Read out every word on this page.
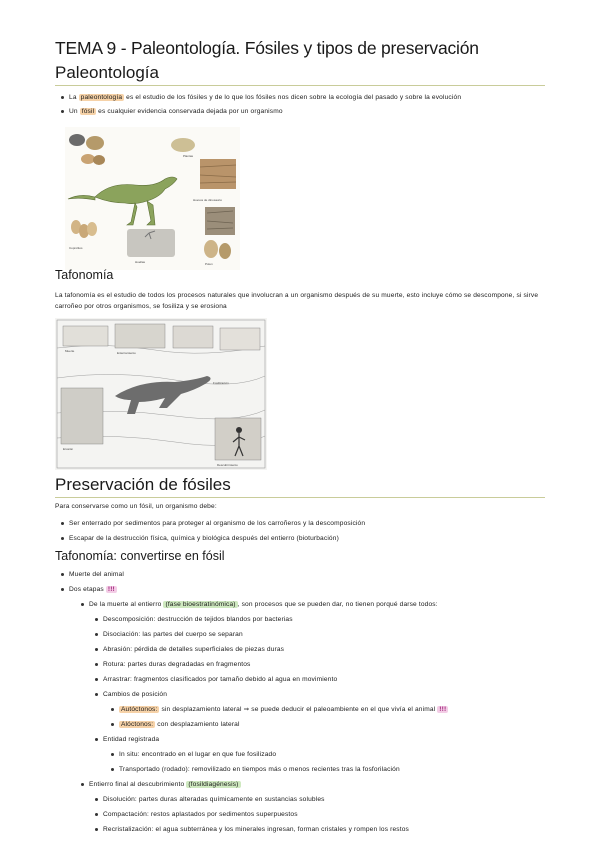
TEMA 9 - Paleontología. Fósiles y tipos de preservación
Paleontología
La paleontología es el estudio de los fósiles y de lo que los fósiles nos dicen sobre la ecología del pasado y sobre la evolución
Un fósil es cualquier evidencia conservada dejada por un organismo
Coprolitos
Huevos de dinosaurio
Huellas
Plantas
Polen
Tafonomía
La tafonomía es el estudio de todos los procesos naturales que involucran a un organismo después de su muerte, esto incluye cómo se descompone, si sirve carroñeo por otros organismos, se fosiliza y se erosiona
Muerte	Enterramiento
Fosilización
Erosión
Descubrimiento
Preservación de fósiles
Para conservarse como un fósil, un organismo debe:
Ser enterrado por sedimentos para proteger al organismo de los carroñeros y la descomposición
Escapar de la destrucción física, química y biológica después del entierro (bioturbación)
Tafonomía: convertirse en fósil
Muerte del animal
Dos etapas !!!
De la muerte al entierro (fase bioestratinómica) , son procesos que se pueden dar, no tienen porqué darse todos:
Descomposición: destrucción de tejidos blandos por bacterias
Disociación: las partes del cuerpo se separan
Abrasión: pérdida de detalles superficiales de piezas duras
Rotura: partes duras degradadas en fragmentos
Arrastrar: fragmentos clasificados por tamaño debido al agua en movimiento
Cambios de posición
Autóctonos: sin desplazamiento lateral ⇒ se puede deducir el paleoambiente en el que vivía el animal !!!
Alóctonos: con desplazamiento lateral
Entidad registrada
In situ: encontrado en el lugar en que fue fosilizado
Transportado (rodado): removilizado en tiempos más o menos recientes tras la fosforilación
Entierro final al descubrimiento (fosildiagénesis)
Disolución: partes duras alteradas químicamente en sustancias solubles
Compactación: restos aplastados por sedimentos superpuestos
Recristalización: el agua subterránea y los minerales ingresan, forman cristales y rompen los restos
